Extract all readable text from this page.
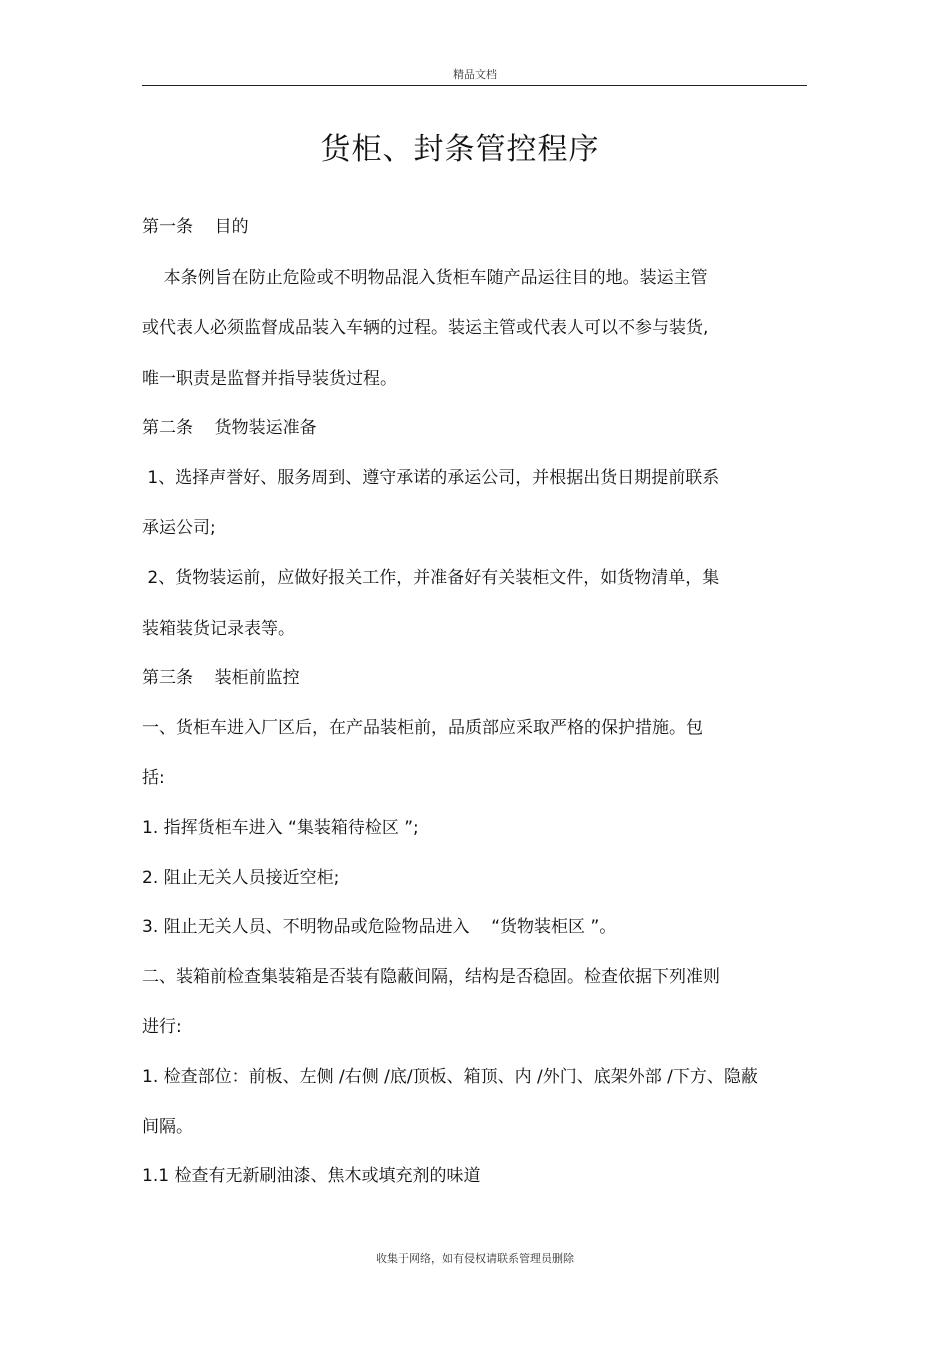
精品文档
货柜、封条管控程序
第一条    目的
本条例旨在防止危险或不明物品混入货柜车随产品运往目的地。装运主管
或代表人必须监督成品装入车辆的过程。装运主管或代表人可以不参与装货,
唯一职责是监督并指导装货过程。
第二条    货物装运准备
1、选择声誉好、服务周到、遵守承诺的承运公司，并根据出货日期提前联系
承运公司;
2、货物装运前，应做好报关工作，并准备好有关装柜文件，如货物清单，集
装箱装货记录表等。
第三条    装柜前监控
一、货柜车进入厂区后，在产品装柜前，品质部应采取严格的保护措施。包
括:
1. 指挥货柜车进入 “集装箱待检区 ”;
2. 阻止无关人员接近空柜;
3. 阻止无关人员、不明物品或危险物品进入    “货物装柜区 ”。
二、装箱前检查集装箱是否装有隐蔽间隔，结构是否稳固。检查依据下列准则
进行:
1. 检查部位：前板、左侧 /右侧 /底/顶板、箱顶、内 /外门、底架外部 /下方、隐蔽
间隔。
1.1 检查有无新刷油漆、焦木或填充剂的味道
收集于网络，如有侵权请联系管理员删除
